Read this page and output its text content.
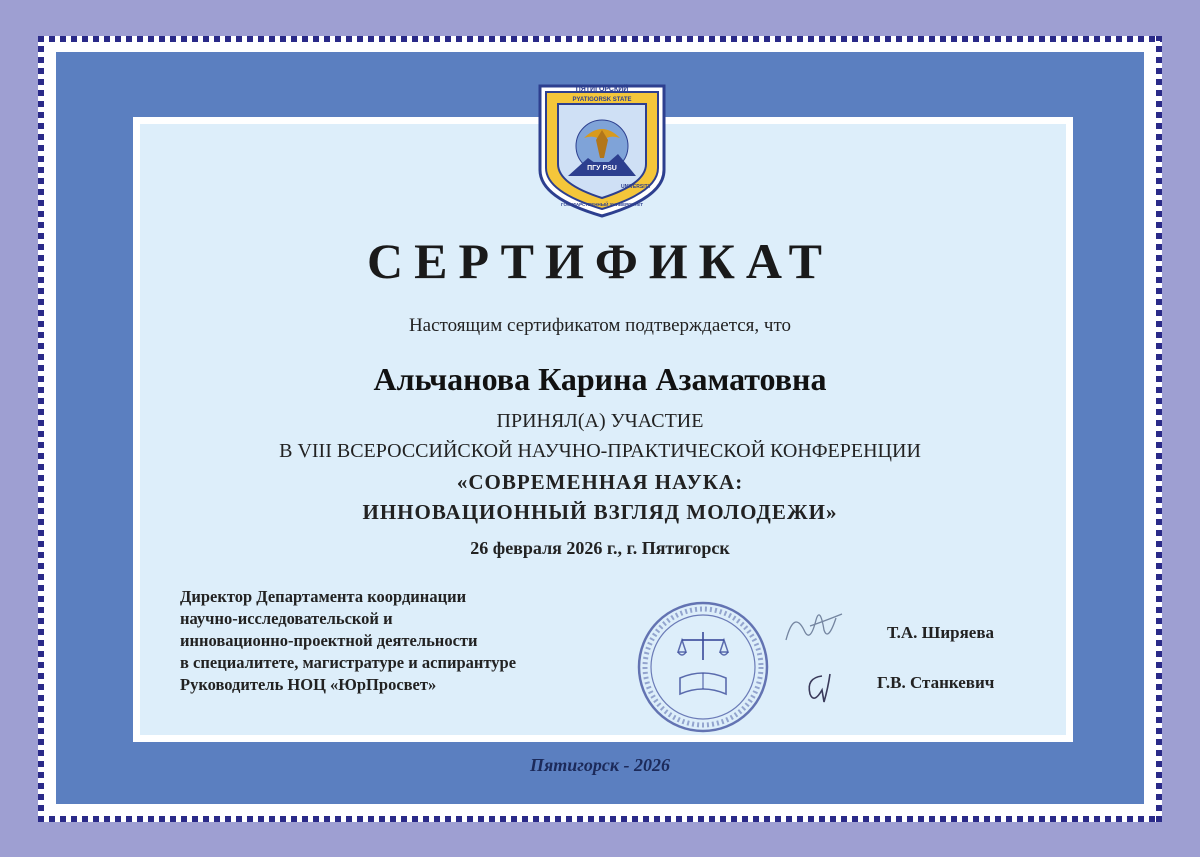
ПГУ PSU
ПЯТИГОРСКИЙ
PYATIGORSK STATE
UNIVERSITY
ГОСУДАРСТВЕННЫЙ УНИВЕРСИТЕТ
СЕРТИФИКАТ
Настоящим сертификатом подтверждается, что
Альчанова Карина Азаматовна
ПРИНЯЛ(А) УЧАСТИЕ
В VIII ВСЕРОССИЙСКОЙ НАУЧНО-ПРАКТИЧЕСКОЙ КОНФЕРЕНЦИИ
«СОВРЕМЕННАЯ НАУКА:
ИННОВАЦИОННЫЙ ВЗГЛЯД МОЛОДЕЖИ»
26 февраля 2026 г., г. Пятигорск
Директор Департамента координации
научно-исследовательской и
инновационно-проектной деятельности
в специалитете, магистратуре и аспирантуре
Руководитель НОЦ «ЮрПросвет»
Т.А. Ширяева
Г.В. Станкевич
Пятигорск - 2026
